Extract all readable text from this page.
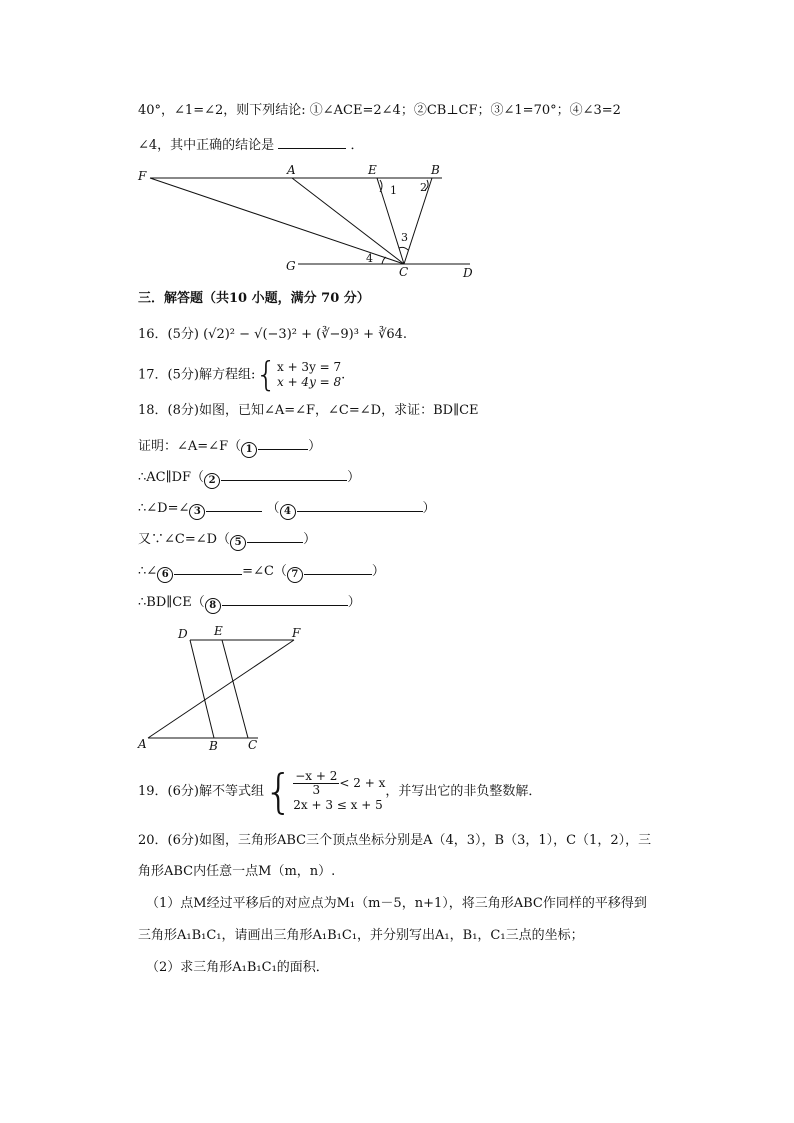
40°，∠1=∠2，则下列结论: ①∠ACE=2∠4；②CB⊥CF；③∠1=70°；④∠3=2
∠4，其中正确的结论是	．
F	A	E	B
G	C	D
1 2
3
4
三．解答题（共10 小题，满分 70 分）
16．(5分) (√2)² − √(−3)² + (∛−9)³ + ∛64.
17．(5分)解方程组:{ x + 3y = 7
x + 4y = 8 .
18．(8分)如图，已知∠A=∠F，∠C=∠D，求证：BD∥CE
证明：∠A=∠F（ 1	）
∴AC∥DF（ 2	）
∴∠D=∠ 3	（ 4	）
又∵∠C=∠D（ 5	）
∴∠ 6	=∠C（ 7	）
∴BD∥CE（ 8	）
D E	F
A	B	C
19．(6分)解不等式组{ $\frac{-x + 2}{3} < 2 + x$
2x + 3 ≤ x + 5
，并写出它的非负整数解．
20．(6分)如图，三角形ABC三个顶点坐标分别是A（4，3），B（3，1），C（1，2），三
角形ABC内任意一点M（m，n）.
（1）点M经过平移后的对应点为M₁（m－5，n+1），将三角形ABC作同样的平移得到
三角形A₁B₁C₁，请画出三角形A₁B₁C₁，并分别写出A₁，B₁，C₁三点的坐标；
（2）求三角形A₁B₁C₁的面积．
